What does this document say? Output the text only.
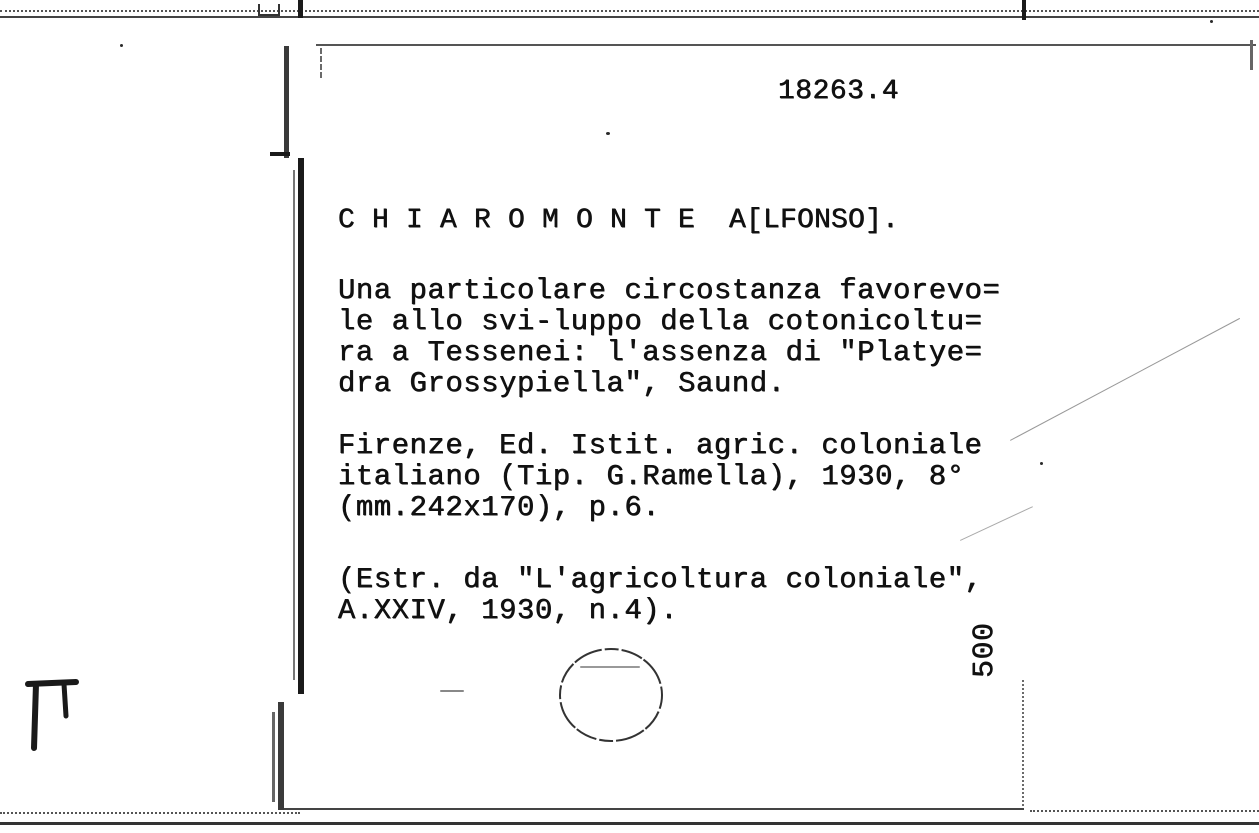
18263.4
C H I A R O M O N T E  A[LFONSO].
Una particolare circostanza favorevo=
le allo svi-luppo della cotonicoltu=
ra a Tessenei: l'assenza di "Platye=
dra Grossypiella", Saund.
Firenze, Ed. Istit. agric. coloniale
italiano (Tip. G.Ramella), 1930, 8°
(mm.242x170), p.6.
(Estr. da "L'agricoltura coloniale",
A.XXIV, 1930, n.4).
500
